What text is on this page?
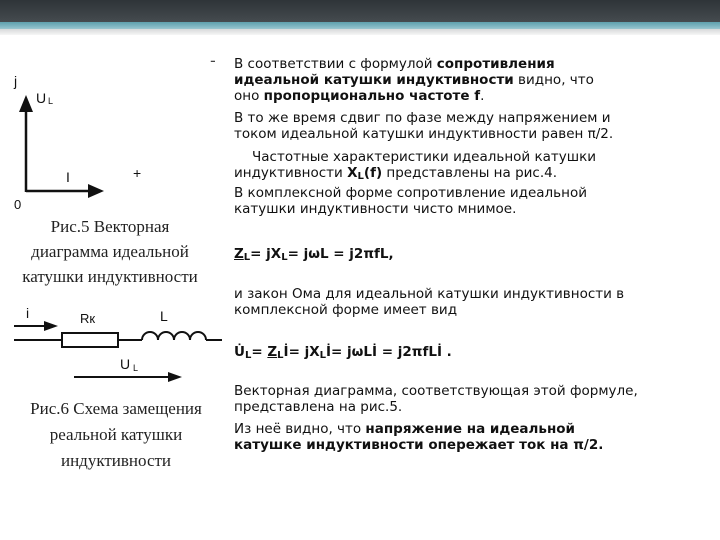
j
0
U L
I	+
Рис.5 Векторная
диаграмма идеальной
катушки индуктивности
i	Rк	L
U L
Рис.6 Схема замещения
реальной катушки
индуктивности
- В соответствии с формулой сопротивления
идеальной катушки индуктивности видно, что
оно пропорционально частоте f.
В то же время сдвиг по фазе между напряжением и
током идеальной катушки индуктивности равен π/2.
Частотные характеристики идеальной катушки
индуктивности $X_L(f)$ представлены на рис.4.
В комплексной форме сопротивление идеальной
катушки индуктивности чисто мнимое.
$Z_L= jX_L= j\omega L = j2\pi fL$,
и закон Ома для идеальной катушки индуктивности в
комплексной форме имеет вид
$U̇_L=$ $Z_Lİ=$ $jX_Lİ=$ jωLİ = j2πfLİ .
Векторная диаграмма, соответствующая этой формуле,
представлена на рис.5.
Из неё видно, что напряжение на идеальной
катушке индуктивности опережает ток на π/2.
